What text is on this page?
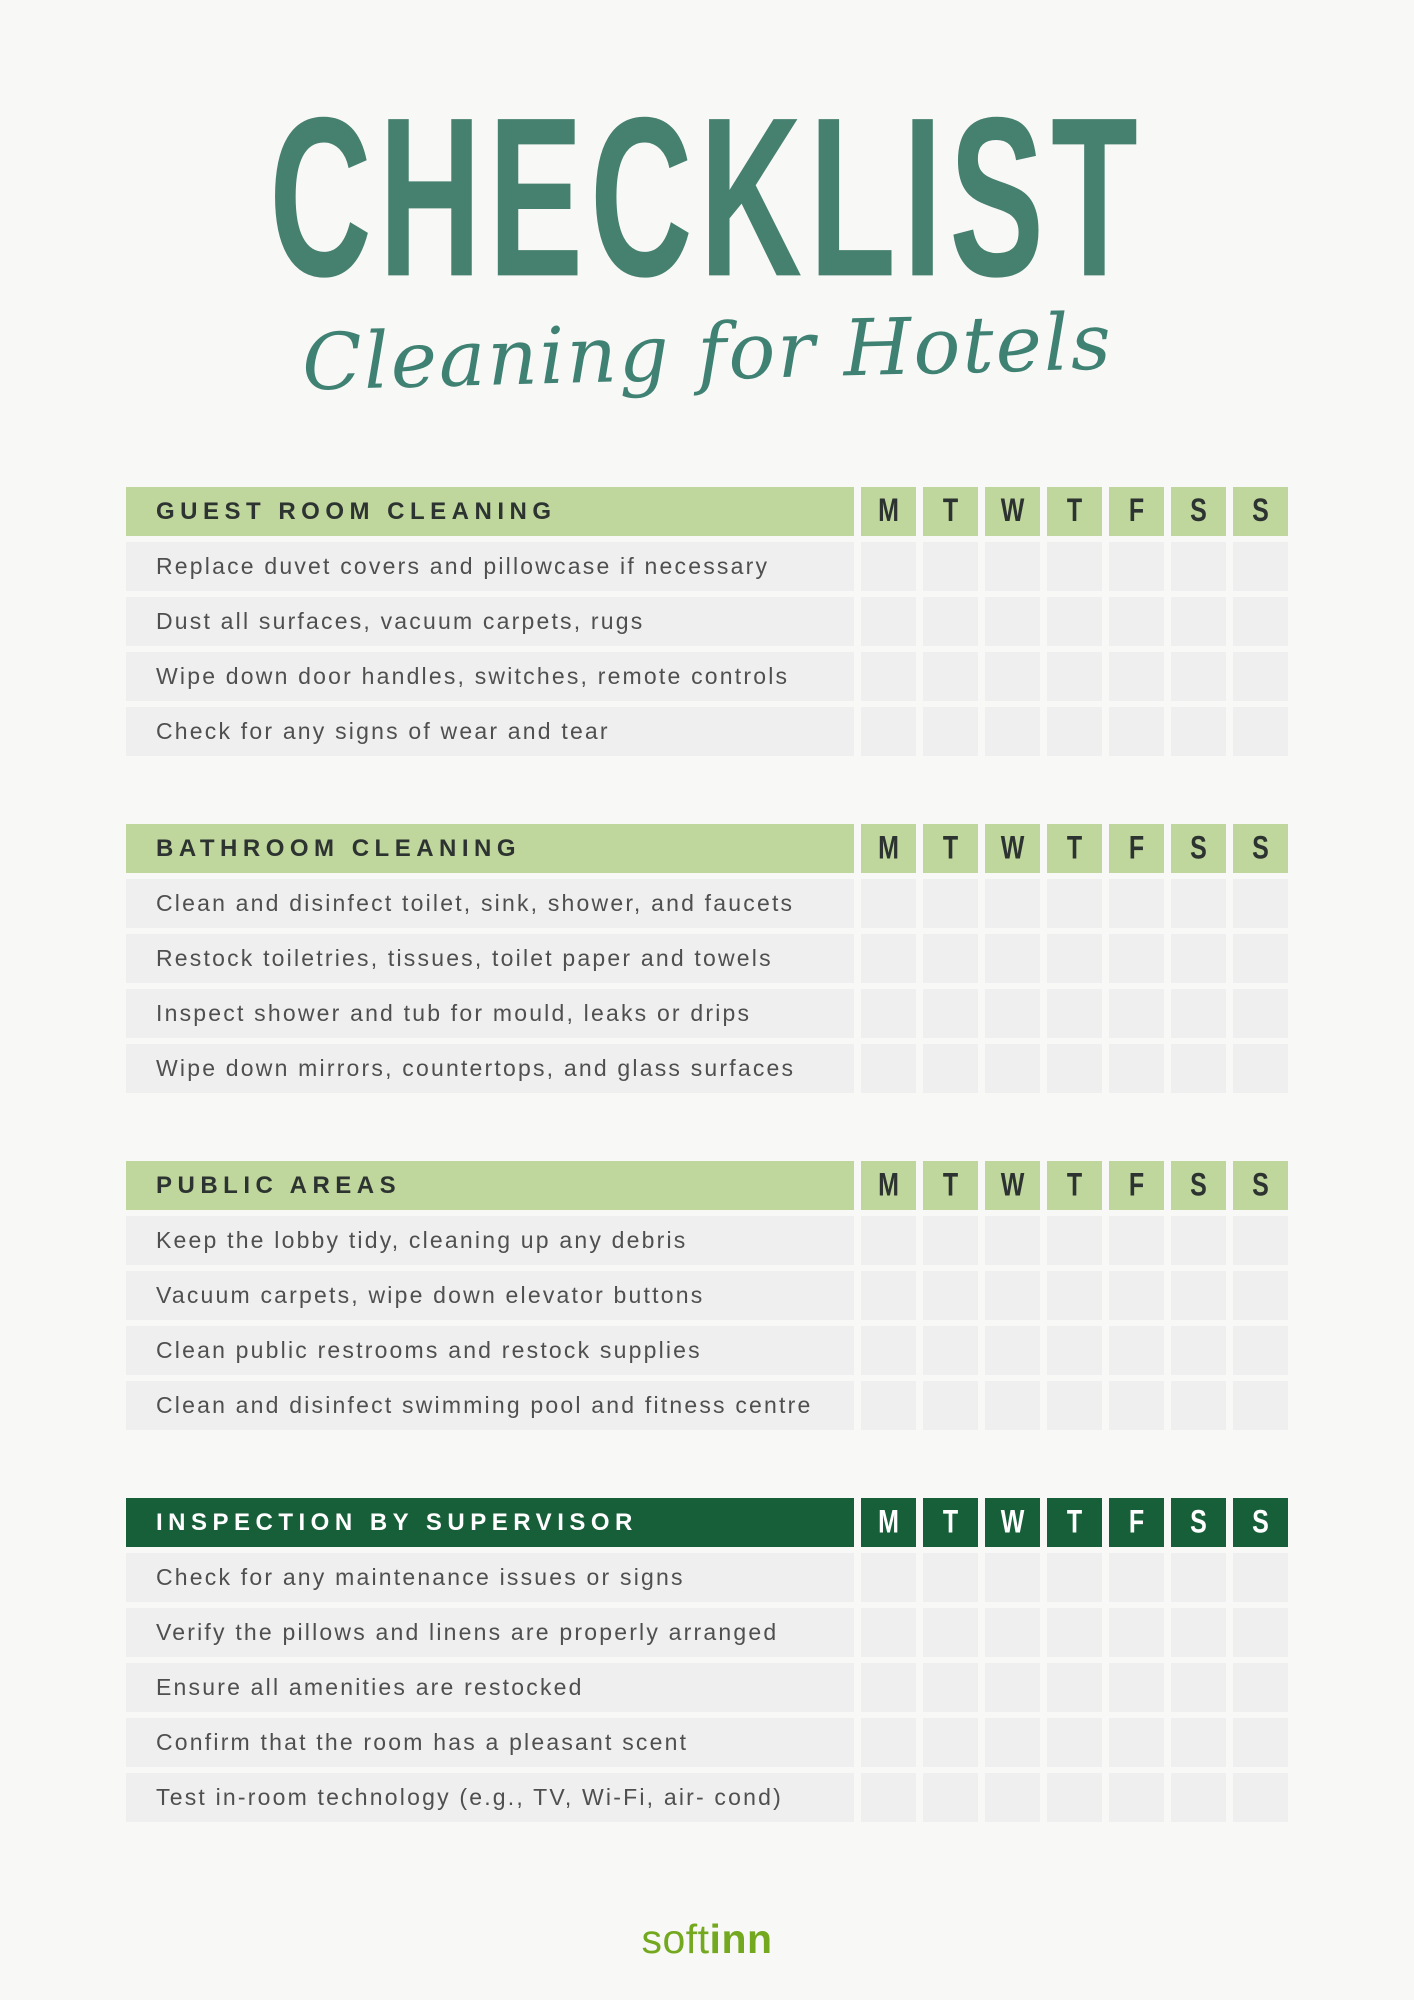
CHECKLIST
Cleaning for Hotels
GUEST ROOM CLEANING	M T W T F S S
Replace duvet covers and pillowcase if necessary
Dust all surfaces, vacuum carpets, rugs
Wipe down door handles, switches, remote controls
Check for any signs of wear and tear
BATHROOM CLEANING	M T W T F S S
Clean and disinfect toilet, sink, shower, and faucets
Restock toiletries, tissues, toilet paper and towels
Inspect shower and tub for mould, leaks or drips
Wipe down mirrors, countertops, and glass surfaces
PUBLIC AREAS	M T W T F S S
Keep the lobby tidy, cleaning up any debris
Vacuum carpets, wipe down elevator buttons
Clean public restrooms and restock supplies
Clean and disinfect swimming pool and fitness centre
INSPECTION BY SUPERVISOR	M T W T F S S
Check for any maintenance issues or signs
Verify the pillows and linens are properly arranged
Ensure all amenities are restocked
Confirm that the room has a pleasant scent
Test in-room technology (e.g., TV, Wi-Fi, air- cond)
softinn
